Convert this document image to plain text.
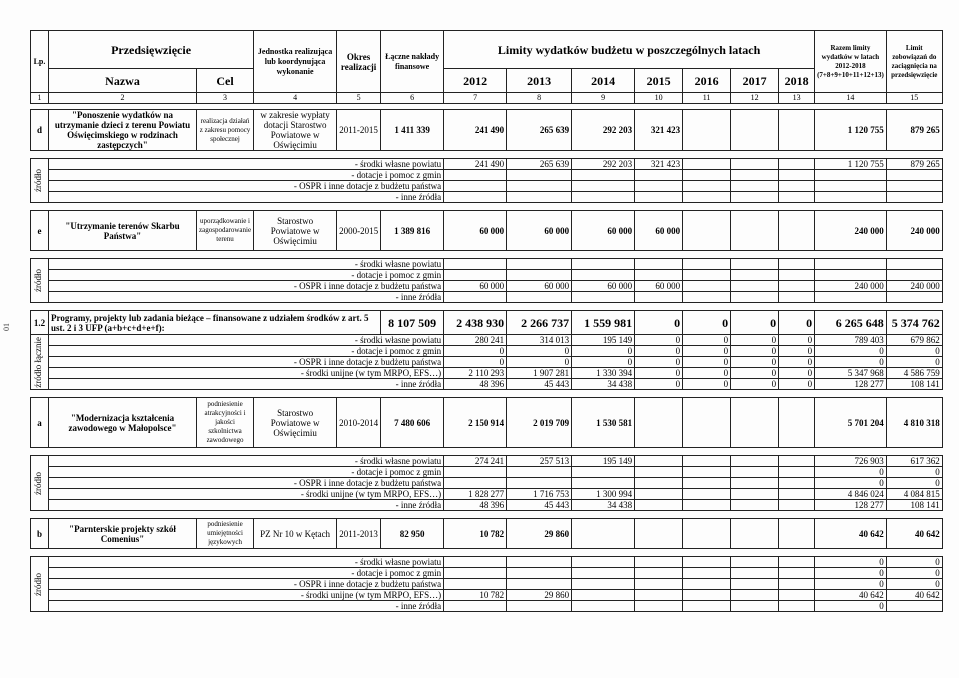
01
Lp.	Przedsięwzięcie		Jednostka realizująca lub koordynująca wykonanie	Okres realizacji	Łączne nakłady finansowe	Limity wydatków budżetu w poszczególnych latach							Razem limity wydatków w latach 2012-2018 (7+8+9+10+11+12+13)	Limit zobowiązań do zaciągnięcia na przedsięwzięcie
	Nazwa	Cel				2012	2013	2014	2015	2016	2017	2018		
1	2	3	4	5	6	7	8	9	10	11	12	13	14	15

d	"Ponoszenie wydatków na utrzymanie dzieci z terenu Powiatu Oświęcimskiego w rodzinach zastępczych"	realizacja działań z zakresu pomocy społecznej	w zakresie wypłaty dotacji Starostwo Powiatowe w Oświęcimiu	2011-2015	1 411 339	241 490	265 639	292 203	321 423				1 120 755	879 265

źródło	- środki własne powiatu					241 490	265 639	292 203	321 423				1 120 755	879 265
	- dotacje i pomoc z gmin													
	- OSPR i inne dotacje z budżetu państwa													
	- inne źródła													

e	"Utrzymanie terenów Skarbu Państwa"	uporządkowanie i zagospodarowanie terenu	Starostwo Powiatowe w Oświęcimiu	2000-2015	1 389 816	60 000	60 000	60 000	60 000				240 000	240 000

źródło	- środki własne powiatu													
	- dotacje i pomoc z gmin													
	- OSPR i inne dotacje z budżetu państwa					60 000	60 000	60 000	60 000				240 000	240 000
	- inne źródła													

1.2	Programy, projekty lub zadania bieżące – finansowane z udziałem środków z art. 5 ust. 2 i 3 UFP (a+b+c+d+e+f):				8 107 509	2 438 930	2 266 737	1 559 981	0	0	0	0	6 265 648	5 374 762

źródło łącznie	- środki własne powiatu					280 241	314 013	195 149	0	0	0	0	789 403	679 862
	- dotacje i pomoc z gmin					0	0	0	0	0	0	0	0	0
	- OSPR i inne dotacje z budżetu państwa					0	0	0	0	0	0	0	0	0
	- środki unijne (w tym MRPO, EFS…)					2 110 293	1 907 281	1 330 394	0	0	0	0	5 347 968	4 586 759
	- inne źródła					48 396	45 443	34 438	0	0	0	0	128 277	108 141

a	"Modernizacja kształcenia zawodowego w Małopolsce"	podniesienie atrakcyjności i jakości szkolnictwa zawodowego	Starostwo Powiatowe w Oświęcimiu	2010-2014	7 480 606	2 150 914	2 019 709	1 530 581					5 701 204	4 810 318

źródło	- środki własne powiatu					274 241	257 513	195 149					726 903	617 362
	- dotacje i pomoc z gmin												0	0
	- OSPR i inne dotacje z budżetu państwa												0	0
	- środki unijne (w tym MRPO, EFS…)					1 828 277	1 716 753	1 300 994					4 846 024	4 084 815
	- inne źródła					48 396	45 443	34 438					128 277	108 141

b	"Parnterskie projekty szkół Comenius"	podniesienie umiejętności językowych	PZ Nr 10 w Kętach	2011-2013	82 950	10 782	29 860						40 642	40 642

źródło	- środki własne powiatu												0	0
	- dotacje i pomoc z gmin												0	0
	- OSPR i inne dotacje z budżetu państwa												0	0
	- środki unijne (w tym MRPO, EFS…)					10 782	29 860						40 642	40 642
	- inne źródła												0	
